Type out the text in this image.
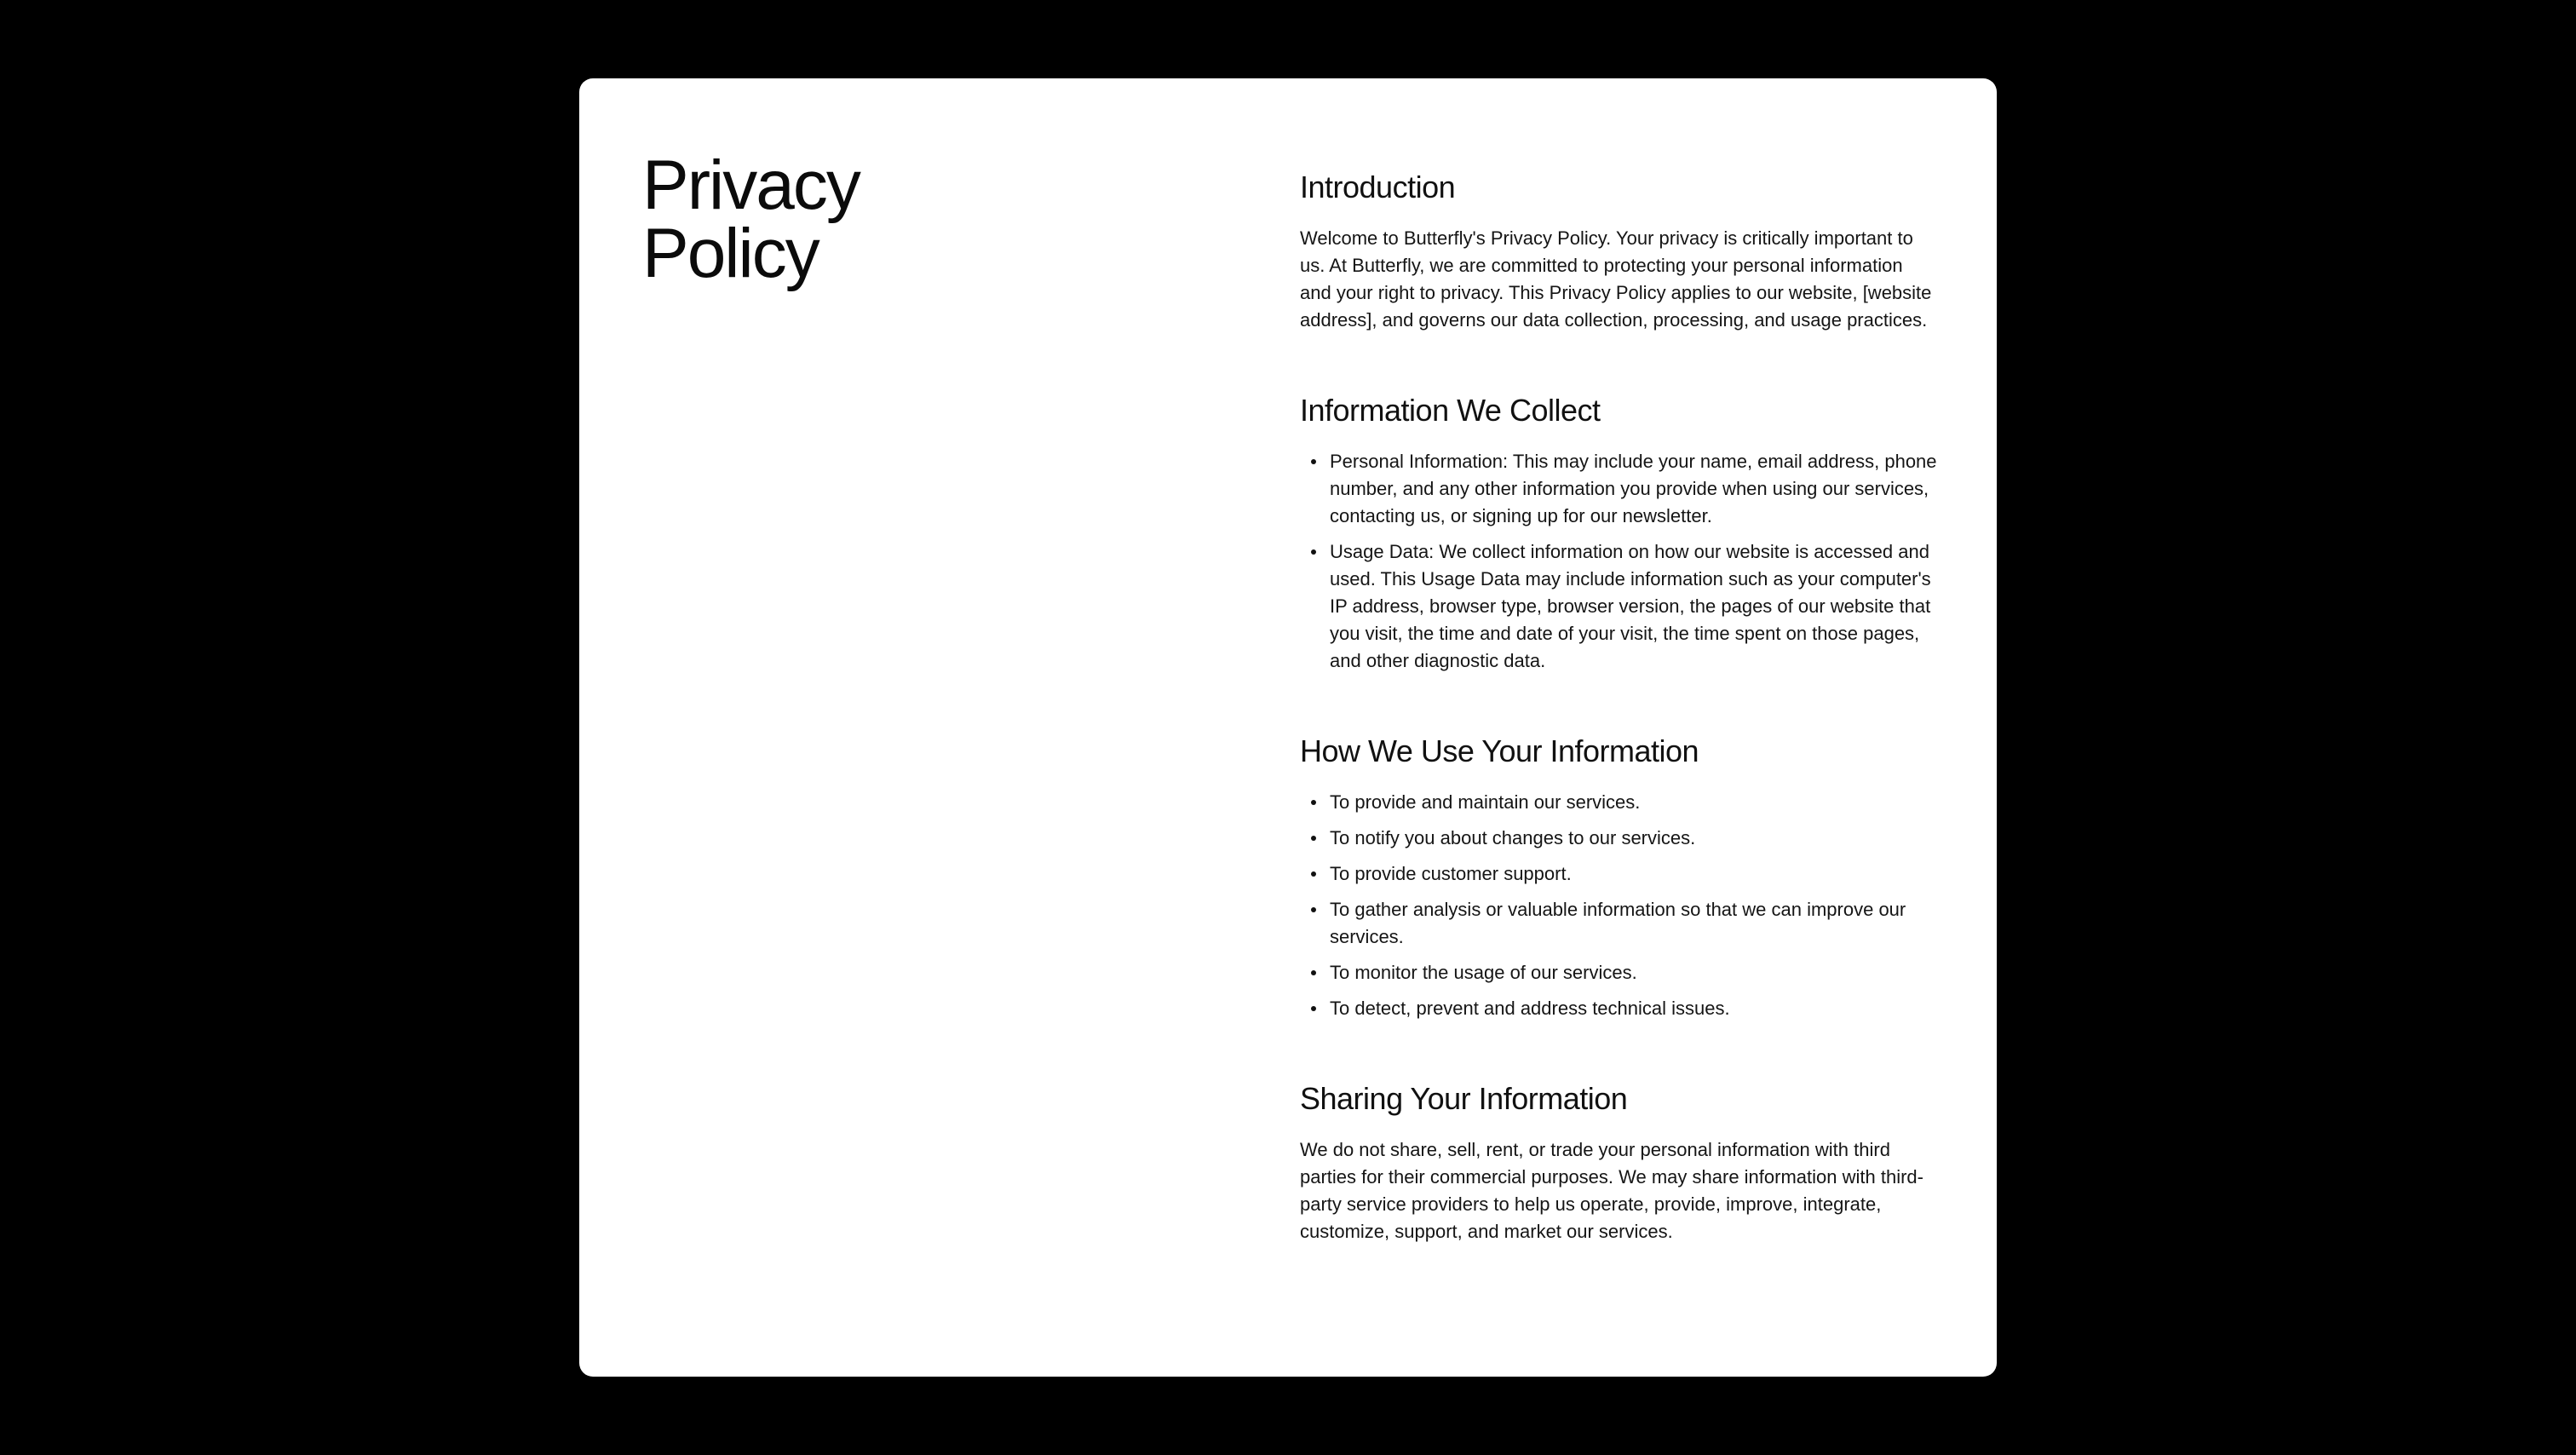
Privacy
Policy
Introduction

Welcome to Butterfly's Privacy Policy. Your privacy is critically important to us. At Butterfly, we are committed to protecting your personal information and your right to privacy. This Privacy Policy applies to our website, [website address], and governs our data collection, processing, and usage practices.

Information We Collect
Personal Information: This may include your name, email address, phone number, and any other information you provide when using our services, contacting us, or signing up for our newsletter.
Usage Data: We collect information on how our website is accessed and used. This Usage Data may include information such as your computer's IP address, browser type, browser version, the pages of our website that you visit, the time and date of your visit, the time spent on those pages, and other diagnostic data.
How We Use Your Information
To provide and maintain our services.
To notify you about changes to our services.
To provide customer support.
To gather analysis or valuable information so that we can improve our services.
To monitor the usage of our services.
To detect, prevent and address technical issues.
Sharing Your Information

We do not share, sell, rent, or trade your personal information with third parties for their commercial purposes. We may share information with third-party service providers to help us operate, provide, improve, integrate, customize, support, and market our services.
